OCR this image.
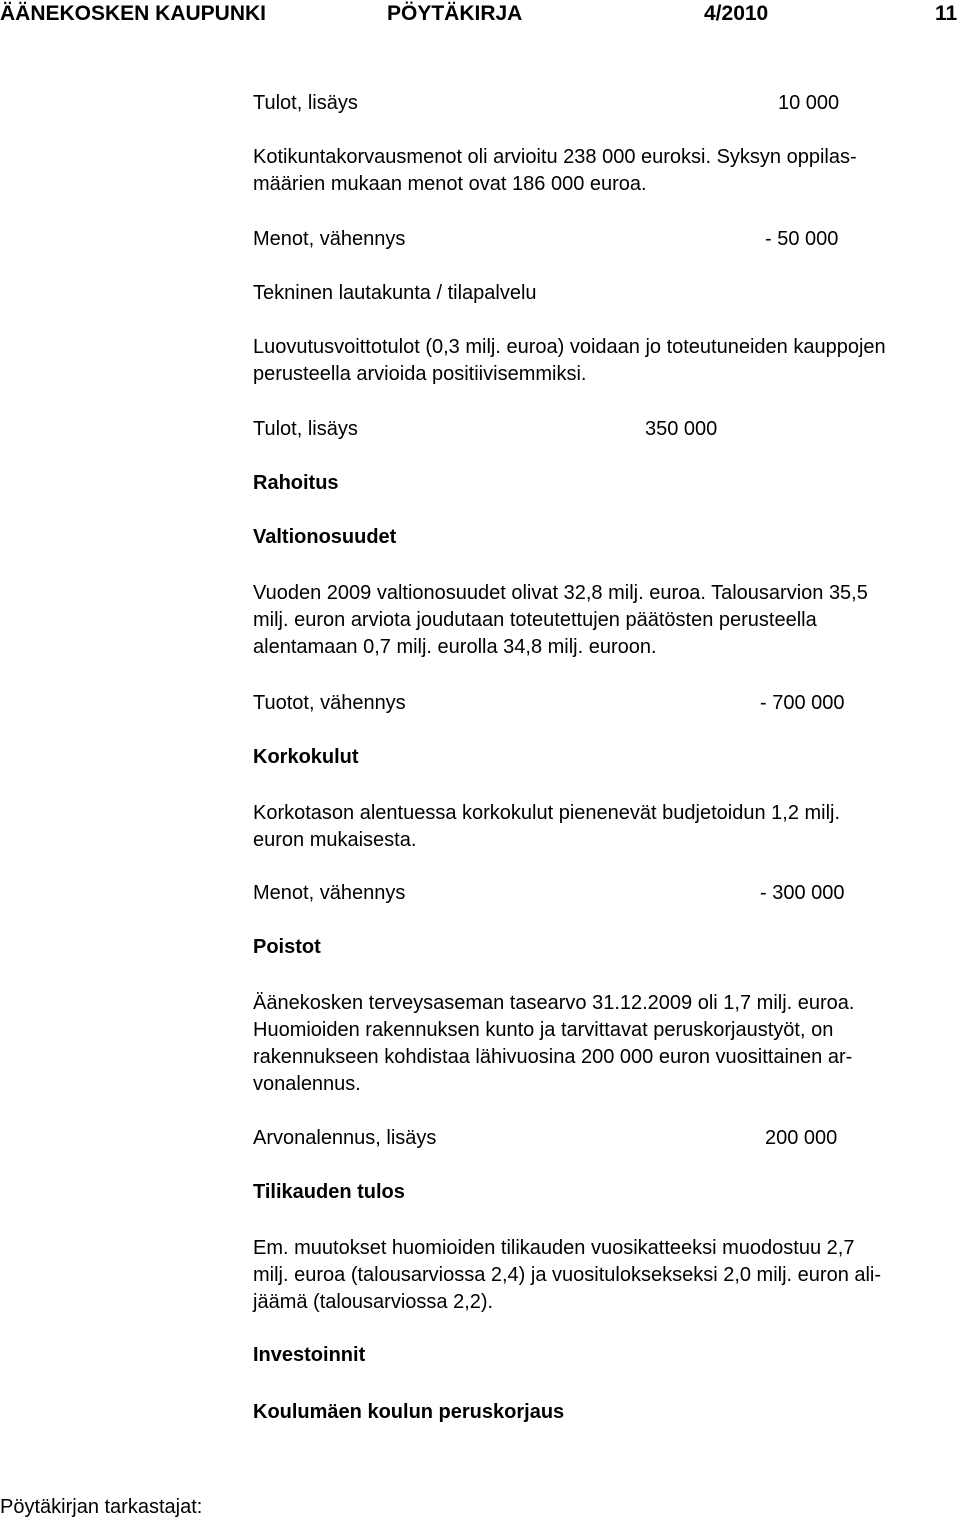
ÄÄNEKOSKEN KAUPUNKI	PÖYTÄKIRJA	4/2010	11
Tulot, lisäys	10 000
Kotikuntakorvausmenot oli arvioitu 238 000 euroksi. Syksyn oppilas-
määrien mukaan menot ovat 186 000 euroa.
Menot, vähennys	- 50 000
Tekninen lautakunta / tilapalvelu
Luovutusvoittotulot (0,3 milj. euroa) voidaan jo toteutuneiden kauppojen
perusteella arvioida positiivisemmiksi.
Tulot, lisäys	350 000
Rahoitus
Valtionosuudet
Vuoden 2009 valtionosuudet olivat 32,8 milj. euroa. Talousarvion 35,5
milj. euron arviota joudutaan toteutettujen päätösten perusteella
alentamaan 0,7 milj. eurolla 34,8 milj. euroon.
Tuotot, vähennys	- 700 000
Korkokulut
Korkotason alentuessa korkokulut pienenevät budjetoidun 1,2 milj.
euron mukaisesta.
Menot, vähennys	- 300 000
Poistot
Äänekosken terveysaseman tasearvo 31.12.2009 oli 1,7 milj. euroa.
Huomioiden rakennuksen kunto ja tarvittavat peruskorjaustyöt, on
rakennukseen kohdistaa lähivuosina 200 000 euron vuosittainen ar-
vonalennus.
Arvonalennus, lisäys	200 000
Tilikauden tulos
Em. muutokset huomioiden tilikauden vuosikatteeksi muodostuu 2,7
milj. euroa (talousarviossa 2,4) ja vuosituloksekseksi 2,0 milj. euron ali-
jäämä (talousarviossa 2,2).
Investoinnit
Koulumäen koulun peruskorjaus
Pöytäkirjan tarkastajat:
